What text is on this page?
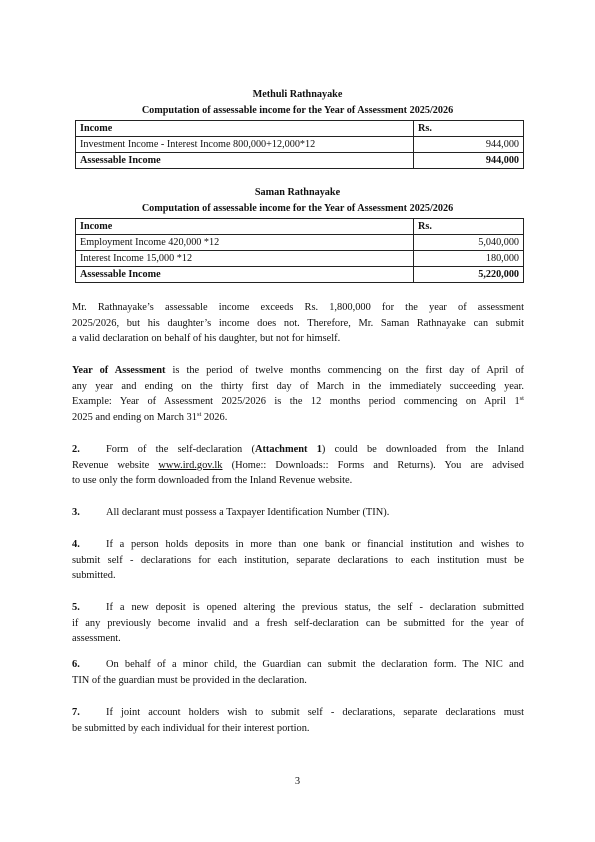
Methuli Rathnayake
Computation of assessable income for the Year of Assessment 2025/2026
Income	Rs.
Investment Income - Interest Income 800,000+12,000*12	944,000
Assessable Income	944,000
Saman Rathnayake
Computation of assessable income for the Year of Assessment 2025/2026
Income	Rs.
Employment Income 420,000 *12	5,040,000
Interest Income 15,000 *12	180,000
Assessable Income	5,220,000
Mr. Rathnayake’s assessable income exceeds Rs. 1,800,000 for the year of assessment
2025/2026, but his daughter’s income does not. Therefore, Mr. Saman Rathnayake can submit
a valid declaration on behalf of his daughter, but not for himself.
Year of Assessment is the period of twelve months commencing on the first day of April of
any year and ending on the thirty first day of March in the immediately succeeding year.
Example: Year of Assessment 2025/2026 is the 12 months period commencing on April 1st
2025 and ending on March 31st 2026.
2.	Form of the self-declaration (Attachment 1) could be downloaded from the Inland
Revenue website www.ird.gov.lk (Home:: Downloads:: Forms and Returns). You are advised
to use only the form downloaded from the Inland Revenue website.
3.	All declarant must possess a Taxpayer Identification Number (TIN).
4.	If a person holds deposits in more than one bank or financial institution and wishes to
submit self - declarations for each institution, separate declarations to each institution must be
submitted.
5.	If a new deposit is opened altering the previous status, the self - declaration submitted
if any previously become invalid and a fresh self-declaration can be submitted for the year of
assessment.
6.	On behalf of a minor child, the Guardian can submit the declaration form. The NIC and
TIN of the guardian must be provided in the declaration.
7.	If joint account holders wish to submit self - declarations, separate declarations must
be submitted by each individual for their interest portion.
3
